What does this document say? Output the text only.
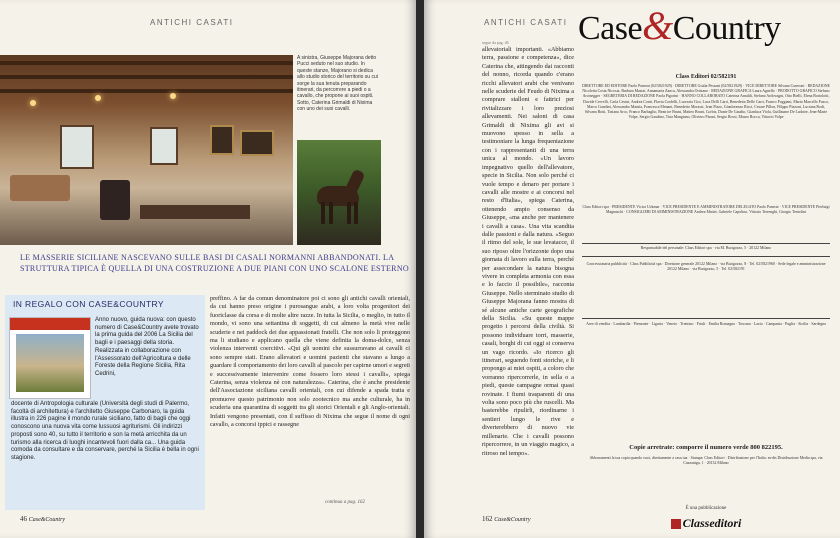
ANTICHI CASATI
A sinistra, Giuseppe Majorana detto Pucci seduto nel suo studio. In queste stanze, Majorano si dedica allo studio storico del territorio su cui sorge la sua tenuta preparando itinerari, da percorrere a piedi o a cavallo, che propone ai suoi ospiti. Sotto, Caterina Grimaldi di Nixima con uno dei suoi cavalli.
LE MASSERIE SICILIANE NASCEVANO SULLE BASI DI CASALI NORMANNI ABBANDONATI. LA STRUTTURA TIPICA È QUELLA DI UNA COSTRUZIONE A DUE PIANI CON UNO SCALONE ESTERNO
IN REGALO CON CASE&COUNTRY
Anno nuovo, guida nuova: con questo numero di Case&Country avete trovato la prima guida del 2006 La Sicilia del bagli e i paesaggi della storia. Realizzata in collaborazione con l'Assessorato dell'Agricoltura e delle Foreste della Regione Sicilia, Rita Cedrini,
docente di Antropologia culturale (Università degli studi di Palermo, facoltà di architettura) e l'architetto Giuseppe Carbonaro, la guida illustra in 226 pagine il mondo rurale siciliano, fatto di bagli che oggi conoscono una nuova vita come lussuosi agriturismi. Gli indirizzi proposti sono 40, su tutto il territorio e son la metà arricchita da un turismo alla ricerca di luoghi incantevoli fuori dalla ca... Una guida comoda da consultare e da conservare, perché la Sicilia è bella in ogni stagione.
preffino. A far da comun denominatore poi ci sono gli antichi cavalli orientali, da cui hanno preso origine i purosangue arabi, a loro volta progenitori dei fuoriclasse da corsa e di molte altre razze. In tutta la Sicilia, o meglio, in tutto il mondo, vi sono una settantina di soggetti, di cui almeno la metà vive nelle scuderie e nei paddock dei due appassionati fratelli. Che non solo li proteggono ma li studiano e applicano quella che viene definita la doma-dolce, senza violenza interventi coercitivi. «Qui gli uomini che sussurravano ai cavalli ci sono sempre stati. Erano allevatori e uomini pazienti che stavano a lungo a guardare il comportamento dei loro cavalli al pascolo per capirne umori e segreti e successivamente intervenire come fossero loro stessi i cavalli», spiega Caterina, senza violenza nè con naturalezza». Caterina, che è anche presidente dell'Associazione siciliana cavalli orientali, con cui difende a spada tratta e promuove questo patrimonio non solo zootecnico ma anche culturale, ha in scuderia una quarantina di soggetti tra gli storici Orientali e gli Anglo-orientali. Infatti vengono presentati, con il suffisso di Nixima che segue il nome di ogni cavallo, a concorsi ippici e rassegne
continua a pag. 162
46 Case&Country
ANTICHI CASATI
segue da pag. 46
allevatoriali importanti. «Abbiamo terra, passione e competenza», dice Caterina che, attingendo dai racconti del nonno, ricorda quando c'erano ricchi allevatori arabi che venivano nelle scuderie del Feudo di Nixima a comprare stalloni e fattrici per rivitalizzare i loro preziosi allevamenti. Nei saloni di casa Grimaldi di Nixima gli avi si muovono spesso in sella a testimoniare la lunga frequentazione con i rappresentanti di una terra unica al mondo. «Un lavoro impegnativo quello dell'allevatore, specie in Sicilia. Non solo perché ci vuole tempo e denaro per portare i cavalli alle mostre e ai concorsi nel resto d'Italia», spiega Caterina, ottenendo ampio consenso da Giuseppe, «ma anche per mantenere i cavalli a casa». Una vita scandita dalle passioni e dalla natura. «Seguo il ritmo del sole, le sue levatacce, il suo riposo oltre l'orizzonte dopo una giornata di lavoro sulla terra, perché per assecondare la natura bisogna vivere in completa armonia con essa e lo faccio il possibile», racconta Giuseppe. Nello sterminato studio di Giuseppe Majorana fanno mostra di sé alcune antiche carte geografiche della Sicilia. «Su queste mappe progetto i percorsi della civiltà. Si possono individuare torri, masserie, casali, borghi di cui oggi si conserva un vago ricordo. «Io ricerco gli itinerari, seguendo fonti storiche, e li propongo ai miei ospiti, a coloro che vorranno ripercorrerle, in sella o a piedi, queste campagne ormai quasi rovinate. I fiumi trasparenti di una volta sono poco più che ruscelli. Ma basterebbe ripulirli, riordinarne i sentieri lungo le rive e diverterebbero di nuovo vie millenarie. Che i cavalli possono ripercorrere, in un viaggio magico, a ritroso nel tempo».
162 Case&Country
Case&Country
Class Editori 02/582191
DIRETTORE ED EDITORE Paolo Panerai (02/5821929) · DIRETTORE Giulia Pessani (02/5821929) · VICE DIRETTORE Silvana Caseroni · REDAZIONE Nicoletta Costa Nicosia, Barbara Mastai, Annamaria Zanca, Alessandra Oristano · REDAZIONE GRAFICA Laura Agnello · PRODOTTO GRAFICO Stefano Arcinegger · SEGRETERIA DI REDAZIONE Paola Pigorini · HANNO COLLABORATO Caterina Arnaldi, Stefano Ardovagni, Otto Bielli, Elena Bortolotti, Davide Cervelli, Carla Cesini, Andrea Conti, Flavia Cordelli, Lucrezia Cioi, Luca Delli Carri, Benedetta Delle Carri, Franco Foggiani, Maria Marcello Fusco, Marco Gandini, Alessandro Mantia, Francesca Menani, Benedetto Morassi, Ivan Pizzo, Gianlorenzo Ricci, Cesare Pillon, Filippo Pizzoni, Luciana Rodi, Silvana Rotti, Tiziana Arco, Franco Barbaglio, Beatrice Bruni, Matteo Bruni, Corbis, Dante De Gaudio, Gianluca Viola, Guillaume De Ladoire, Jean-Marie Volpe, Sergio Gaudino, Tina Mangiano, Oliviero Pisani, Sergio Rossi, Mauro Rocca, Vittorio Volpe
Class Editori spa · PRESIDENTE Victor Uckmar · VICE PRESIDENTE E AMMINISTRATORE DELEGATO Paolo Panerai · VICE PRESIDENTE Pierluigi Magnaschi · CONSIGLIERI DI AMMINISTRAZIONE Andrea Mattei, Gabriele Capolino, Vittorio Terrenghi, Giorgio Tentolini
Responsabile del personale: Class Editori spa · via M. Burigozzo, 5 · 20122 Milano
Concessionaria pubblicità · Class Pubblicità spa · Direzione generale 20122 Milano · via Burigozzo, 8 · Tel. 02/5821960 · Sede legale e amministrazione 20122 Milano · via Burigozzo, 5 · Tel. 02/582191
Aree di vendita · Lombardia · Piemonte · Liguria · Veneto · Trentino · Friuli · Emilia Romagna · Toscana · Lazio · Campania · Puglia · Sicilia · Sardegna
Copie arretrate: comporre il numero verde 800 822195.
Abbonamenti la tua copia quando vuoi, direttamente a casa tua · Stampa: Class Editori · Distribuzione per l'Italia: m-dis Distribuzione Media spa, via Cazzaniga, 1 · 20132 Milano
È una pubblicazione
Classeditori
